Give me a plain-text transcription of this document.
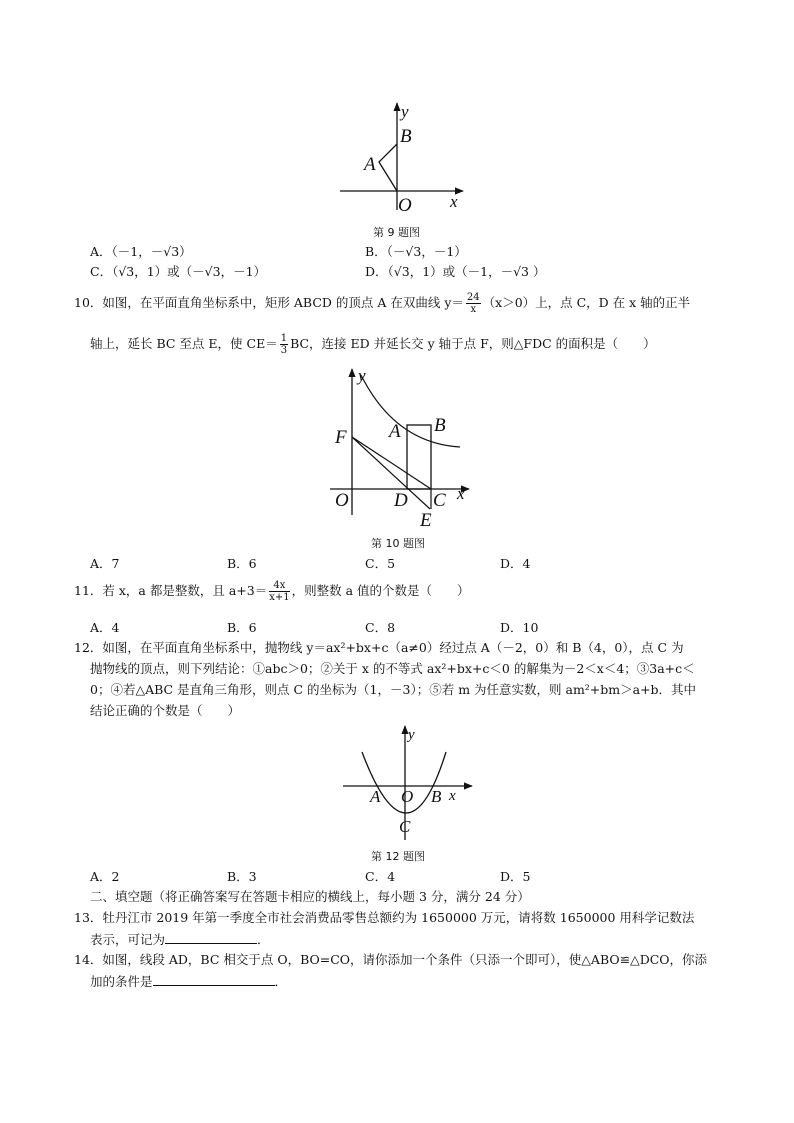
y
B
A
O x
第 9 题图
A．（－1，－√3）	B．（－√3，－1）
C．（√3，1）或（－√3，－1）	D．（√3，1）或（－1，－√3 ）
10．如图，在平面直角坐标系中，矩形 ABCD 的顶点 A 在双曲线 $y= \frac{24}{x} (x>0)$上，点 C，D 在 x 轴的正半
轴上，延长 BC 至点 E，使 $CE= \frac{1}{3}$ BC，连接 ED 并延长交 y 轴于点 F，则△FDC 的面积是（　　）
y
B
A
F
O D C x
E
第 10 题图
A．7	B．6	C．5	D．4
11．若 x，a 都是整数，且 $a+3= \frac{4x}{x+1}$ ，则整数 a 值的个数是（　　）
A．4	B．6	C．8	D．10
12．如图，在平面直角坐标系中，抛物线 y＝ax²+bx+c（a≠0）经过点 A（－2，0）和 B（4，0），点 C 为
抛物线的顶点，则下列结论：①abc＞0；②关于 x 的不等式 ax²+bx+c＜0 的解集为－2＜x＜4；③3a+c＜
0；④若△ABC 是直角三角形，则点 C 的坐标为（1，－3）；⑤若 m 为任意实数，则 am²+bm＞a+b．其中
结论正确的个数是（　　）
y
A O B x
C
第 12 题图
A．2	B．3	C．4	D．5
二、填空题（将正确答案写在答题卡相应的横线上，每小题 3 分，满分 24 分）
13．牡丹江市 2019 年第一季度全市社会消费品零售总额约为 1650000 万元，请将数 1650000 用科学记数法
表示，可记为	．
14．如图，线段 AD，BC 相交于点 O，BO=CO，请你添加一个条件（只添一个即可），使△ABO≌△DCO，你添
加的条件是	．
